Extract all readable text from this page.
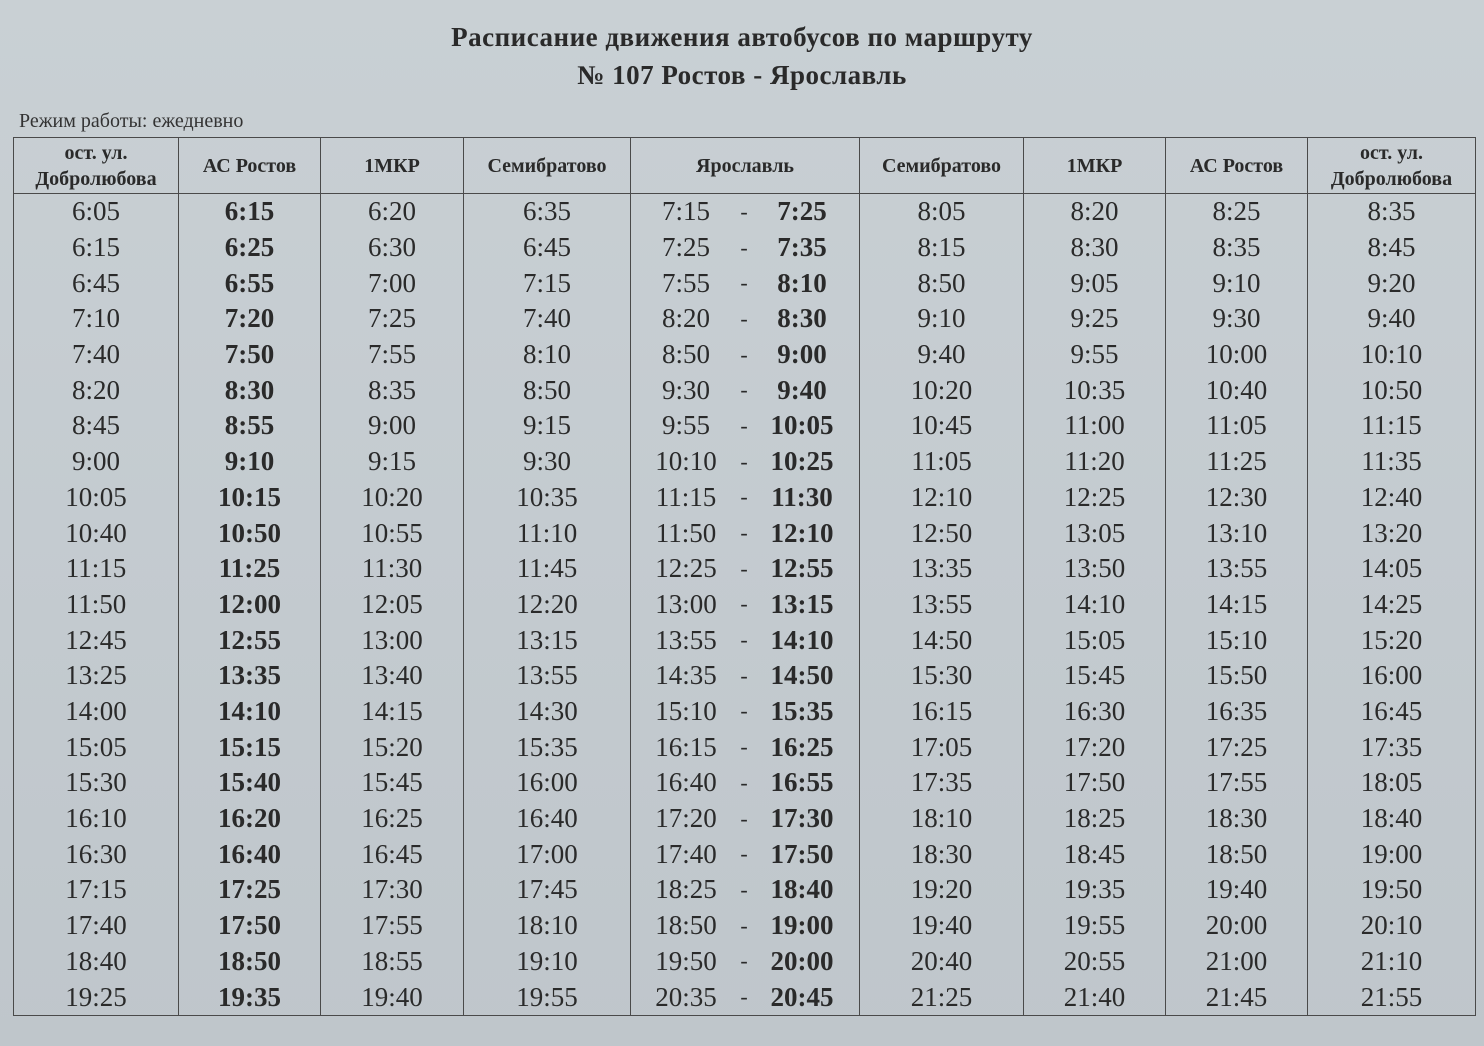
Расписание движения автобусов по маршруту
№ 107 Ростов - Ярославль
Режим работы: ежедневно
ост. ул. Добролюбова	АС Ростов	1МКР	Семибратово	Ярославль	Семибратово	1МКР	АС Ростов	ост. ул. Добролюбова
6:05	6:15	6:20	6:35	7:15 - 7:25	8:05	8:20	8:25	8:35
6:15	6:25	6:30	6:45	7:25 - 7:35	8:15	8:30	8:35	8:45
6:45	6:55	7:00	7:15	7:55 - 8:10	8:50	9:05	9:10	9:20
7:10	7:20	7:25	7:40	8:20 - 8:30	9:10	9:25	9:30	9:40
7:40	7:50	7:55	8:10	8:50 - 9:00	9:40	9:55	10:00	10:10
8:20	8:30	8:35	8:50	9:30 - 9:40	10:20	10:35	10:40	10:50
8:45	8:55	9:00	9:15	9:55 - 10:05	10:45	11:00	11:05	11:15
9:00	9:10	9:15	9:30	10:10 - 10:25	11:05	11:20	11:25	11:35
10:05	10:15	10:20	10:35	11:15 - 11:30	12:10	12:25	12:30	12:40
10:40	10:50	10:55	11:10	11:50 - 12:10	12:50	13:05	13:10	13:20
11:15	11:25	11:30	11:45	12:25 - 12:55	13:35	13:50	13:55	14:05
11:50	12:00	12:05	12:20	13:00 - 13:15	13:55	14:10	14:15	14:25
12:45	12:55	13:00	13:15	13:55 - 14:10	14:50	15:05	15:10	15:20
13:25	13:35	13:40	13:55	14:35 - 14:50	15:30	15:45	15:50	16:00
14:00	14:10	14:15	14:30	15:10 - 15:35	16:15	16:30	16:35	16:45
15:05	15:15	15:20	15:35	16:15 - 16:25	17:05	17:20	17:25	17:35
15:30	15:40	15:45	16:00	16:40 - 16:55	17:35	17:50	17:55	18:05
16:10	16:20	16:25	16:40	17:20 - 17:30	18:10	18:25	18:30	18:40
16:30	16:40	16:45	17:00	17:40 - 17:50	18:30	18:45	18:50	19:00
17:15	17:25	17:30	17:45	18:25 - 18:40	19:20	19:35	19:40	19:50
17:40	17:50	17:55	18:10	18:50 - 19:00	19:40	19:55	20:00	20:10
18:40	18:50	18:55	19:10	19:50 - 20:00	20:40	20:55	21:00	21:10
19:25	19:35	19:40	19:55	20:35 - 20:45	21:25	21:40	21:45	21:55
